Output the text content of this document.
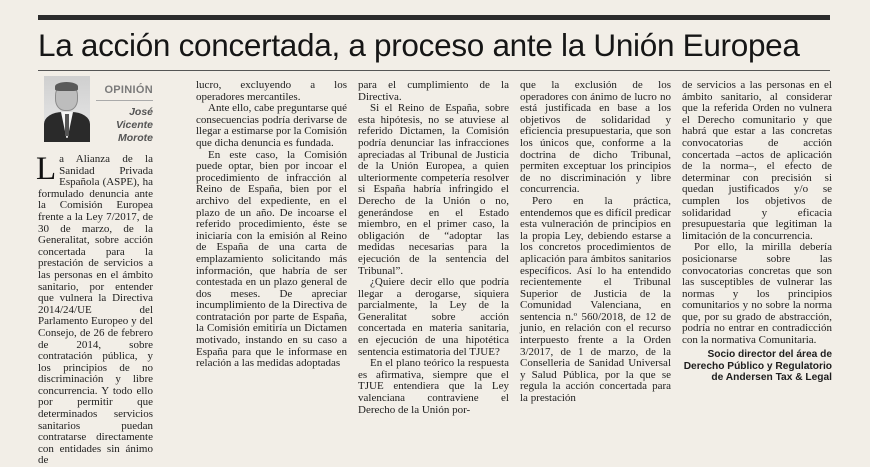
La acción concertada, a proceso ante la Unión Europea
OPINIÓN
José Vicente Morote

La Alianza de la Sanidad Privada Española (ASPE), ha formulado denuncia ante la Comisión Europea frente a la Ley 7/2017, de 30 de marzo, de la Generalitat, sobre acción concertada para la prestación de servicios a las personas en el ámbito sanitario, por entender que vulnera la Directiva 2014/24/UE del Parlamento Europeo y del Consejo, de 26 de febrero de 2014, sobre contratación pública, y los principios de no discriminación y libre concurrencia. Y todo ello por permitir que determinados servicios sanitarios puedan contratarse directamente con entidades sin ánimo de

lucro, excluyendo a los operadores mercantiles.

Ante ello, cabe preguntarse qué consecuencias podría derivarse de llegar a estimarse por la Comisión que dicha denuncia es fundada.

En este caso, la Comisión puede optar, bien por incoar el procedimiento de infracción al Reino de España, bien por el archivo del expediente, en el plazo de un año. De incoarse el referido procedimiento, éste se iniciaría con la emisión al Reino de España de una carta de emplazamiento solicitando más información, que habría de ser contestada en un plazo general de dos meses. De apreciar incumplimiento de la Directiva de contratación por parte de España, la Comisión emitiría un Dictamen motivado, instando en su caso a España para que le informase en relación a las medidas adoptadas

para el cumplimiento de la Directiva.

Si el Reino de España, sobre esta hipótesis, no se atuviese al referido Dictamen, la Comisión podría denunciar las infracciones apreciadas al Tribunal de Justicia de la Unión Europea, a quien ulteriormente competería resolver si España habría infringido el Derecho de la Unión o no, generándose en el Estado miembro, en el primer caso, la obligación de “adoptar las medidas necesarias para la ejecución de la sentencia del Tribunal”.

¿Quiere decir ello que podría llegar a derogarse, siquiera parcialmente, la Ley de la Generalitat sobre acción concertada en materia sanitaria, en ejecución de una hipotética sentencia estimatoria del TJUE?

En el plano teórico la respuesta es afirmativa, siempre que el TJUE entendiera que la Ley valenciana contraviene el Derecho de la Unión por-

que la exclusión de los operadores con ánimo de lucro no está justificada en base a los objetivos de solidaridad y eficiencia presupuestaria, que son los únicos que, conforme a la doctrina de dicho Tribunal, permiten exceptuar los principios de no discriminación y libre concurrencia.

Pero en la práctica, entendemos que es difícil predicar esta vulneración de principios en la propia Ley, debiendo estarse a los concretos procedimientos de aplicación para ámbitos sanitarios específicos. Así lo ha entendido recientemente el Tribunal Superior de Justicia de la Comunidad Valenciana, en sentencia n.º 560/2018, de 12 de junio, en relación con el recurso interpuesto frente a la Orden 3/2017, de 1 de marzo, de la Conselleria de Sanidad Universal y Salud Pública, por la que se regula la acción concertada para la prestación

de servicios a las personas en el ámbito sanitario, al considerar que la referida Orden no vulnera el Derecho comunitario y que habrá que estar a las concretas convocatorias de acción concertada –actos de aplicación de la norma–, el efecto de determinar con precisión si quedan justificados y/o se cumplen los objetivos de solidaridad y eficacia presupuestaria que legitiman la limitación de la concurrencia.

Por ello, la mirilla debería posicionarse sobre las convocatorias concretas que son las susceptibles de vulnerar las normas y los principios comunitarios y no sobre la norma que, por su grado de abstracción, podría no entrar en contradicción con la normativa Comunitaria.

Socio director del área de Derecho Público y Regulatorio de Andersen Tax & Legal
